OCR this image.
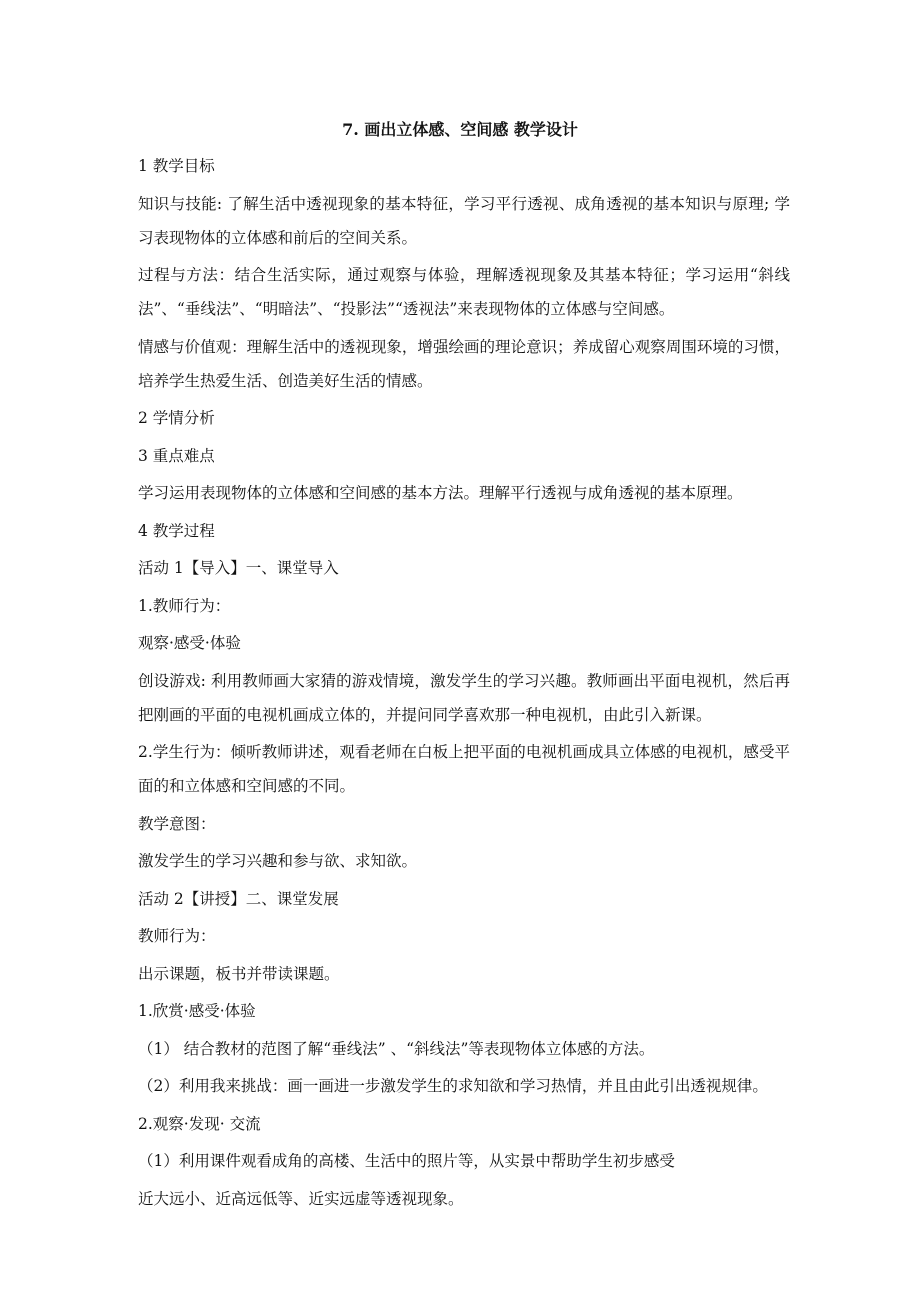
7. 画出立体感、空间感 教学设计

1 教学目标

知识与技能: 了解生活中透视现象的基本特征，学习平行透视、成角透视的基本知识与原理; 学习表现物体的立体感和前后的空间关系。

过程与方法：结合生活实际，通过观察与体验，理解透视现象及其基本特征；学习运用“斜线法”、“垂线法”、“明暗法”、“投影法”“透视法”来表现物体的立体感与空间感。

情感与价值观：理解生活中的透视现象，增强绘画的理论意识；养成留心观察周围环境的习惯，培养学生热爱生活、创造美好生活的情感。

2 学情分析

3 重点难点

学习运用表现物体的立体感和空间感的基本方法。理解平行透视与成角透视的基本原理。

4 教学过程

活动 1【导入】一、课堂导入

1.教师行为：

观察·感受·体验

创设游戏: 利用教师画大家猜的游戏情境，激发学生的学习兴趣。教师画出平面电视机，然后再把刚画的平面的电视机画成立体的，并提问同学喜欢那一种电视机，由此引入新课。

2.学生行为：倾听教师讲述，观看老师在白板上把平面的电视机画成具立体感的电视机，感受平面的和立体感和空间感的不同。

教学意图：

激发学生的学习兴趣和参与欲、求知欲。

活动 2【讲授】二、课堂发展

教师行为：

出示课题，板书并带读课题。

1.欣赏·感受·体验

（1） 结合教材的范图了解“垂线法” 、“斜线法”等表现物体立体感的方法。

（2）利用我来挑战：画一画进一步激发学生的求知欲和学习热情，并且由此引出透视规律。

2.观察·发现· 交流

（1）利用课件观看成角的高楼、生活中的照片等，从实景中帮助学生初步感受

近大远小、近高远低等、近实远虚等透视现象。
